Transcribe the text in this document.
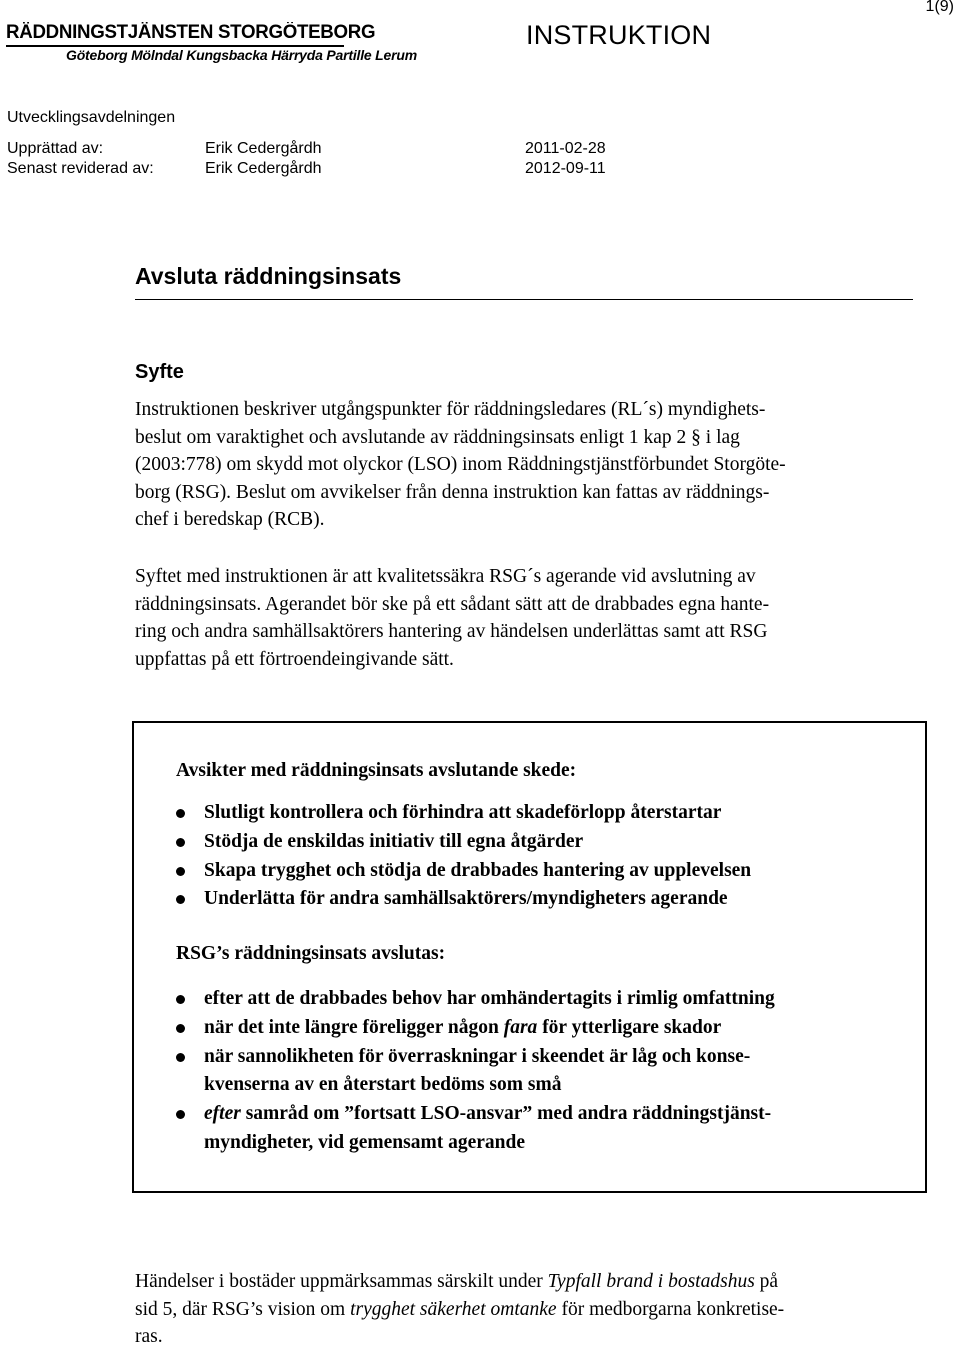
RÄDDNINGSTJÄNSTEN STORGÖTEBORG
Göteborg Mölndal Kungsbacka Härryda Partille Lerum
INSTRUKTION
1(9)
Utvecklingsavdelningen
Upprättad av:	Erik Cedergårdh	2011-02-28
Senast reviderad av:	Erik Cedergårdh	2012-09-11
Avsluta räddningsinsats
Syfte
Instruktionen beskriver utgångspunkter för räddningsledares (RL´s) myndighets-
beslut om varaktighet och avslutande av räddningsinsats enligt 1 kap 2 § i lag
(2003:778) om skydd mot olyckor (LSO) inom Räddningstjänstförbundet Storgöte-
borg (RSG). Beslut om avvikelser från denna instruktion kan fattas av räddnings-
chef i beredskap (RCB).
Syftet med instruktionen är att kvalitetssäkra RSG´s agerande vid avslutning av
räddningsinsats. Agerandet bör ske på ett sådant sätt att de drabbades egna hante-
ring och andra samhällsaktörers hantering av händelsen underlättas samt att RSG
uppfattas på ett förtroendeingivande sätt.
Avsikter med räddningsinsats avslutande skede:
Slutligt kontrollera och förhindra att skadeförlopp återstartar
Stödja de enskildas initiativ till egna åtgärder
Skapa trygghet och stödja de drabbades hantering av upplevelsen
Underlätta för andra samhällsaktörers/myndigheters agerande
RSG’s räddningsinsats avslutas:
efter att de drabbades behov har omhändertagits i rimlig omfattning
när det inte längre föreligger någon fara för ytterligare skador
när sannolikheten för överraskningar i skeendet är låg och konse-
kvenserna av en återstart bedöms som små
efter samråd om ”fortsatt LSO-ansvar” med andra räddningstjänst-
myndigheter, vid gemensamt agerande
Händelser i bostäder uppmärksammas särskilt under Typfall brand i bostadshus på
sid 5, där RSG’s vision om trygghet säkerhet omtanke för medborgarna konkretise-
ras.
